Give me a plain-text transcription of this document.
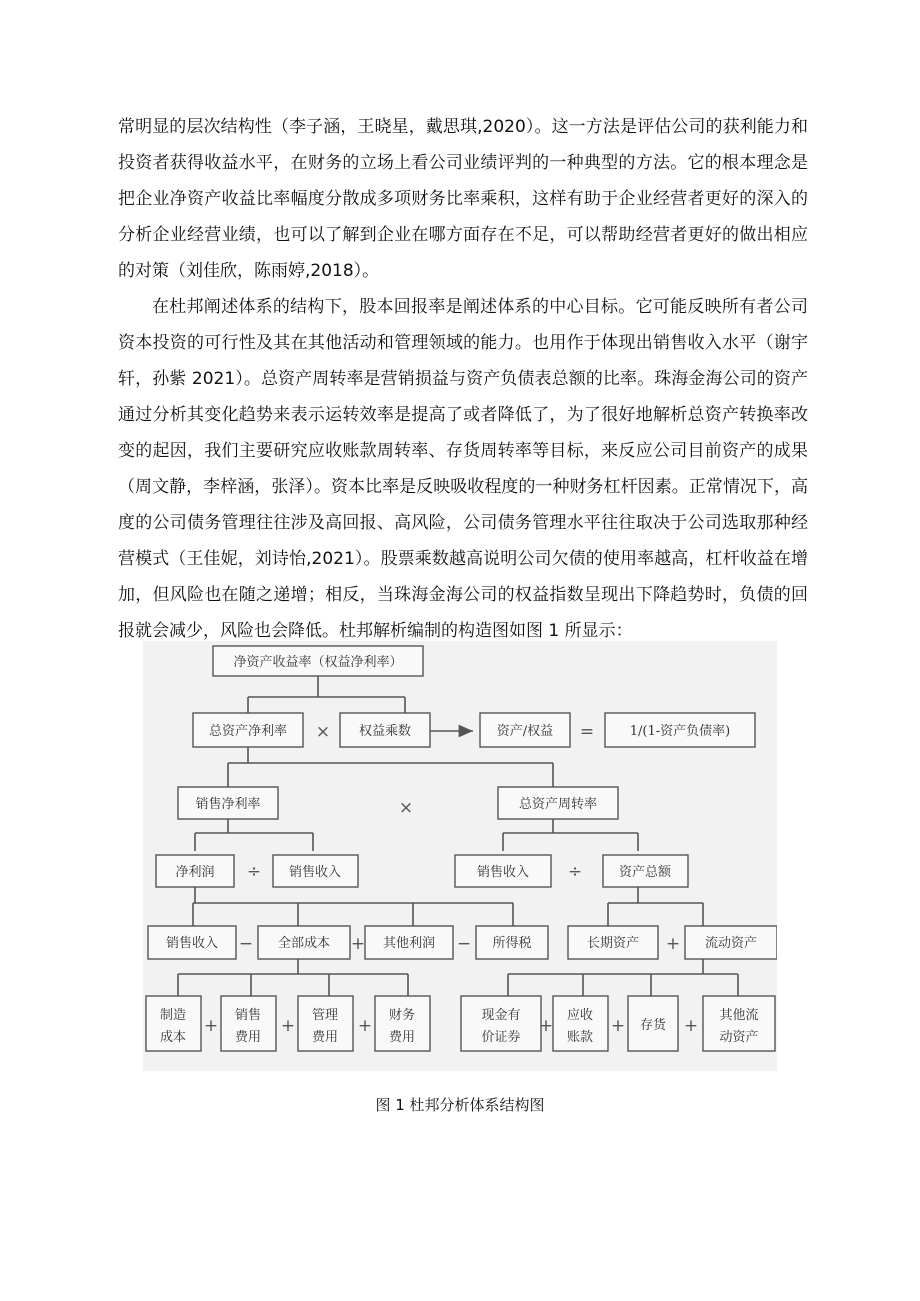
常明显的层次结构性（李子涵，王晓星，戴思琪,2020）。这一方法是评估公司的获利能力和投资者获得收益水平，在财务的立场上看公司业绩评判的一种典型的方法。它的根本理念是把企业净资产收益比率幅度分散成多项财务比率乘积，这样有助于企业经营者更好的深入的分析企业经营业绩，也可以了解到企业在哪方面存在不足，可以帮助经营者更好的做出相应的对策（刘佳欣，陈雨婷,2018）。

在杜邦阐述体系的结构下，股本回报率是阐述体系的中心目标。它可能反映所有者公司资本投资的可行性及其在其他活动和管理领域的能力。也用作于体现出销售收入水平（谢宇轩，孙紫 2021）。总资产周转率是营销损益与资产负债表总额的比率。珠海金海公司的资产通过分析其变化趋势来表示运转效率是提高了或者降低了，为了很好地解析总资产转换率改变的起因，我们主要研究应收账款周转率、存货周转率等目标，来反应公司目前资产的成果（周文静，李梓涵，张泽）。资本比率是反映吸收程度的一种财务杠杆因素。正常情况下，高度的公司债务管理往往涉及高回报、高风险，公司债务管理水平往往取决于公司选取那种经营模式（王佳妮，刘诗怡,2021）。股票乘数越高说明公司欠债的使用率越高，杠杆收益在增加，但风险也在随之递增；相反，当珠海金海公司的权益指数呈现出下降趋势时，负债的回报就会减少，风险也会降低。杜邦解析编制的构造图如图 1 所显示：

净资产收益率（权益净利率）
总资产净利率 × 权益乘数	资产/权益 =	1/(1-资产负债率)
销售净利率	×	总资产周转率
净利润 ÷ 销售收入	销售收入 ÷	资产总额
销售收入 − 全部成本 + 其他利润 − 所得税	长期资产 + 流动资产
制造
成本
+
销售
费用
+
管理
费用
+
财务
费用
现金有
价证券
+
应收
账款
+ 存货 +
其他流
动资产
图 1 杜邦分析体系结构图
